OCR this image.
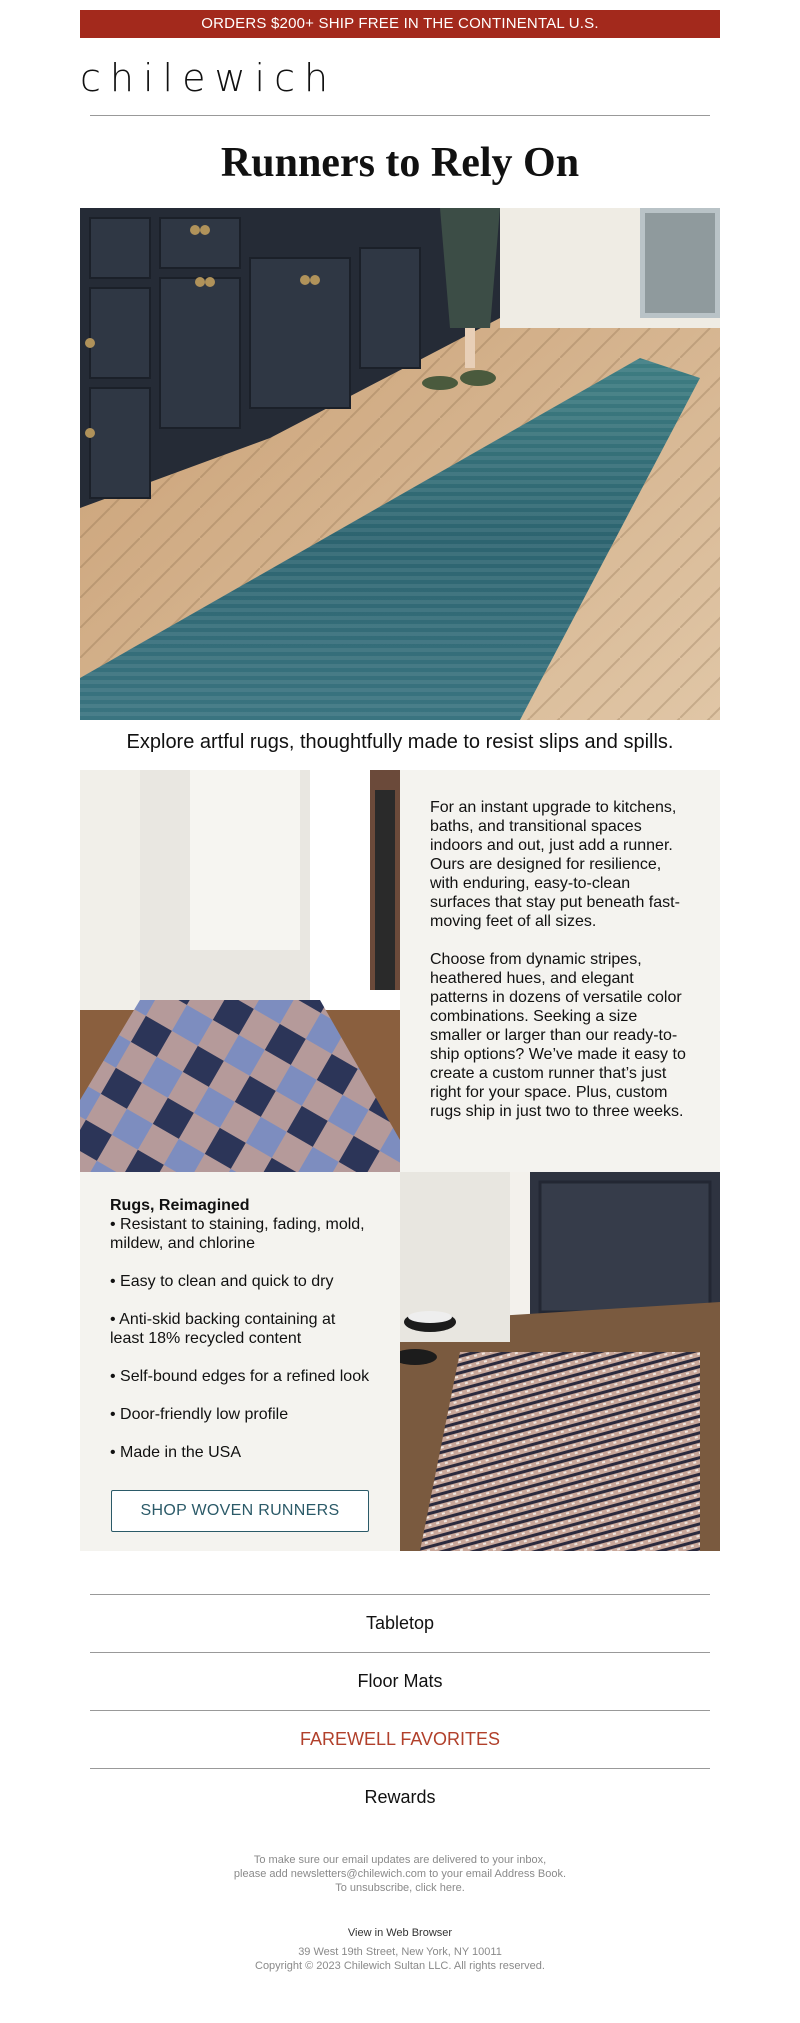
ORDERS $200+ SHIP FREE IN THE CONTINENTAL U.S.
chilewich
Runners to Rely On

Explore artful rugs, thoughtfully made to resist slips and spills.

For an instant upgrade to kitchens, baths, and transitional spaces indoors and out, just add a runner. Ours are designed for resilience, with enduring, easy-to-clean surfaces that stay put beneath fast-moving feet of all sizes.

Choose from dynamic stripes, heathered hues, and elegant patterns in dozens of versatile color combinations. Seeking a size smaller or larger than our ready-to-ship options? We’ve made it easy to create a custom runner that’s just right for your space. Plus, custom rugs ship in just two to three weeks.

Rugs, Reimagined
• Resistant to staining, fading, mold, mildew, and chlorine
• Easy to clean and quick to dry
• Anti-skid backing containing at least 18% recycled content
• Self-bound edges for a refined look
• Door-friendly low profile
• Made in the USA
SHOP WOVEN RUNNERS
Tabletop
Floor Mats
FAREWELL FAVORITES
Rewards
To make sure our email updates are delivered to your inbox,
please add newsletters@chilewich.com to your email Address Book.
To unsubscribe, click here.
View in Web Browser
39 West 19th Street, New York, NY 10011
Copyright © 2023 Chilewich Sultan LLC. All rights reserved.
